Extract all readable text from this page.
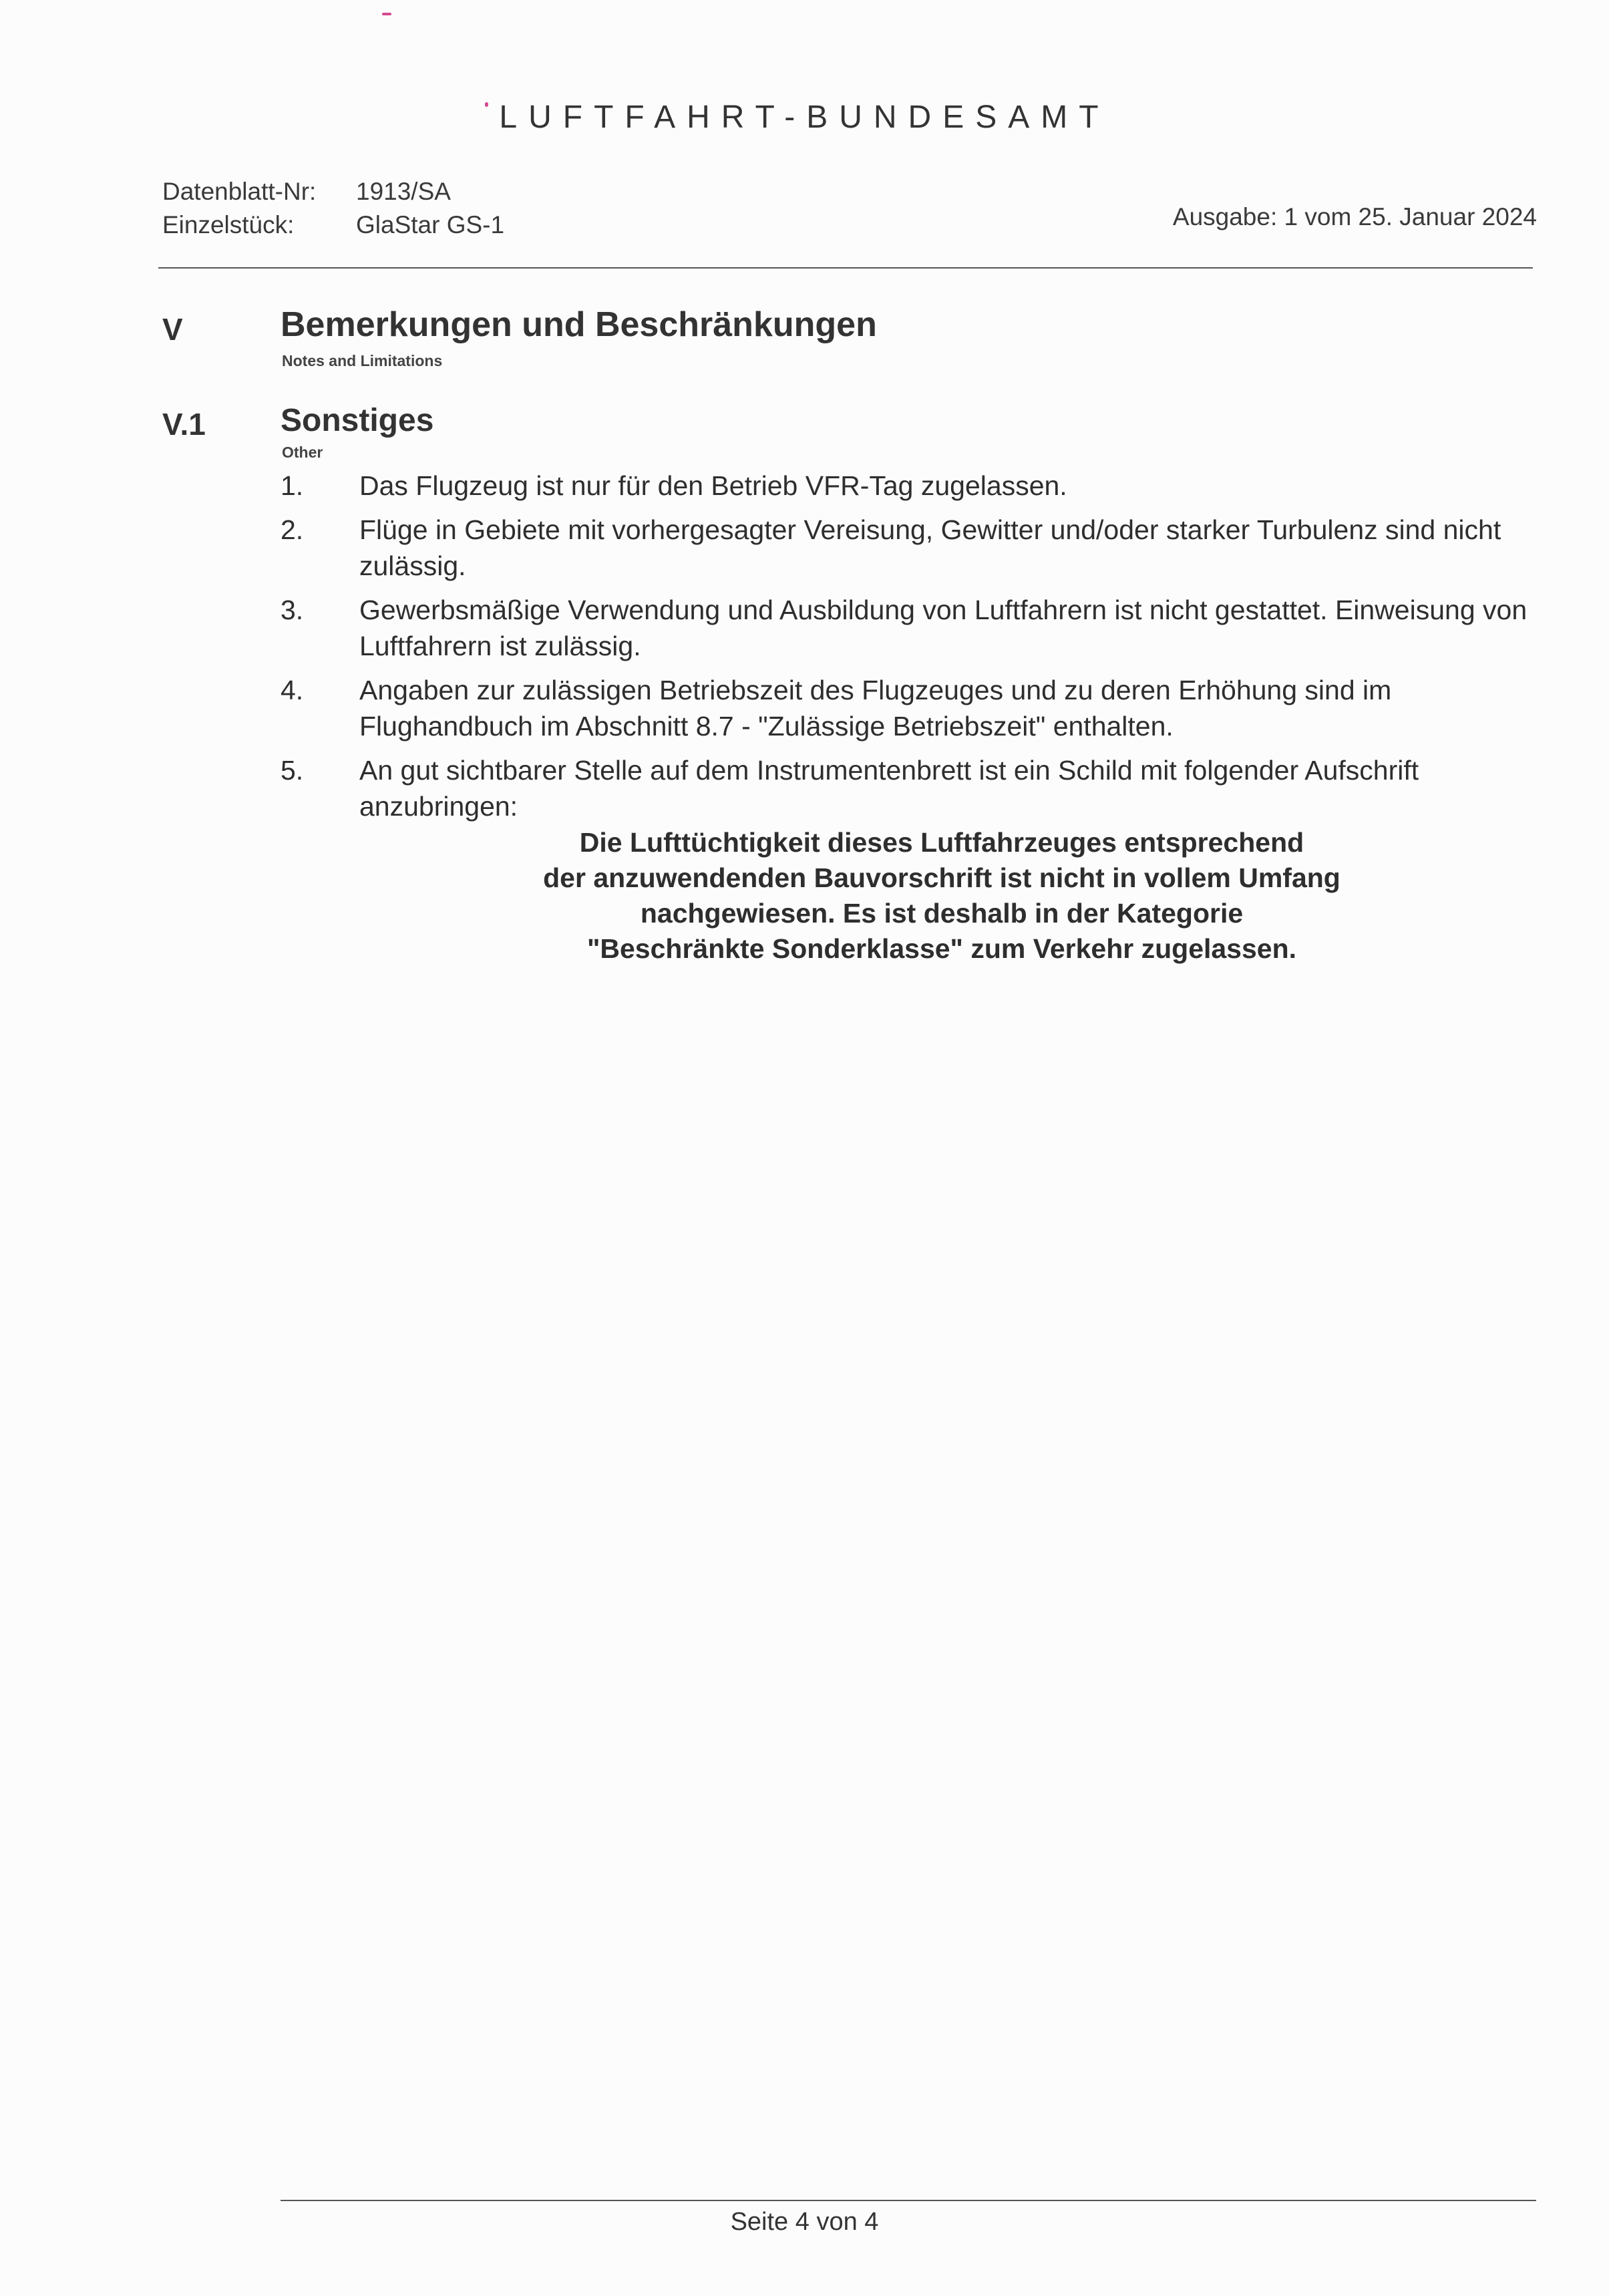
LUFTFAHRT-BUNDESAMT
Datenblatt-Nr:	1913/SA
Einzelstück:	GlaStar GS-1	Ausgabe: 1 vom 25. Januar 2024
V	Bemerkungen und Beschränkungen
Notes and Limitations
V.1 Sonstiges
Other
1.	Das Flugzeug ist nur für den Betrieb VFR-Tag zugelassen.
2.	Flüge in Gebiete mit vorhergesagter Vereisung, Gewitter und/oder starker Turbulenz sind nicht zulässig.
3.	Gewerbsmäßige Verwendung und Ausbildung von Luftfahrern ist nicht gestattet. Einweisung von Luftfahrern ist zulässig.
4.	Angaben zur zulässigen Betriebszeit des Flugzeuges und zu deren Erhöhung sind im Flughandbuch im Abschnitt 8.7 - "Zulässige Betriebszeit" enthalten.
5.	An gut sichtbarer Stelle auf dem Instrumentenbrett ist ein Schild mit folgender Aufschrift anzubringen:
Die Lufttüchtigkeit dieses Luftfahrzeuges entsprechend
der anzuwendenden Bauvorschrift ist nicht in vollem Umfang
nachgewiesen. Es ist deshalb in der Kategorie
"Beschränkte Sonderklasse" zum Verkehr zugelassen.
Seite 4 von 4
